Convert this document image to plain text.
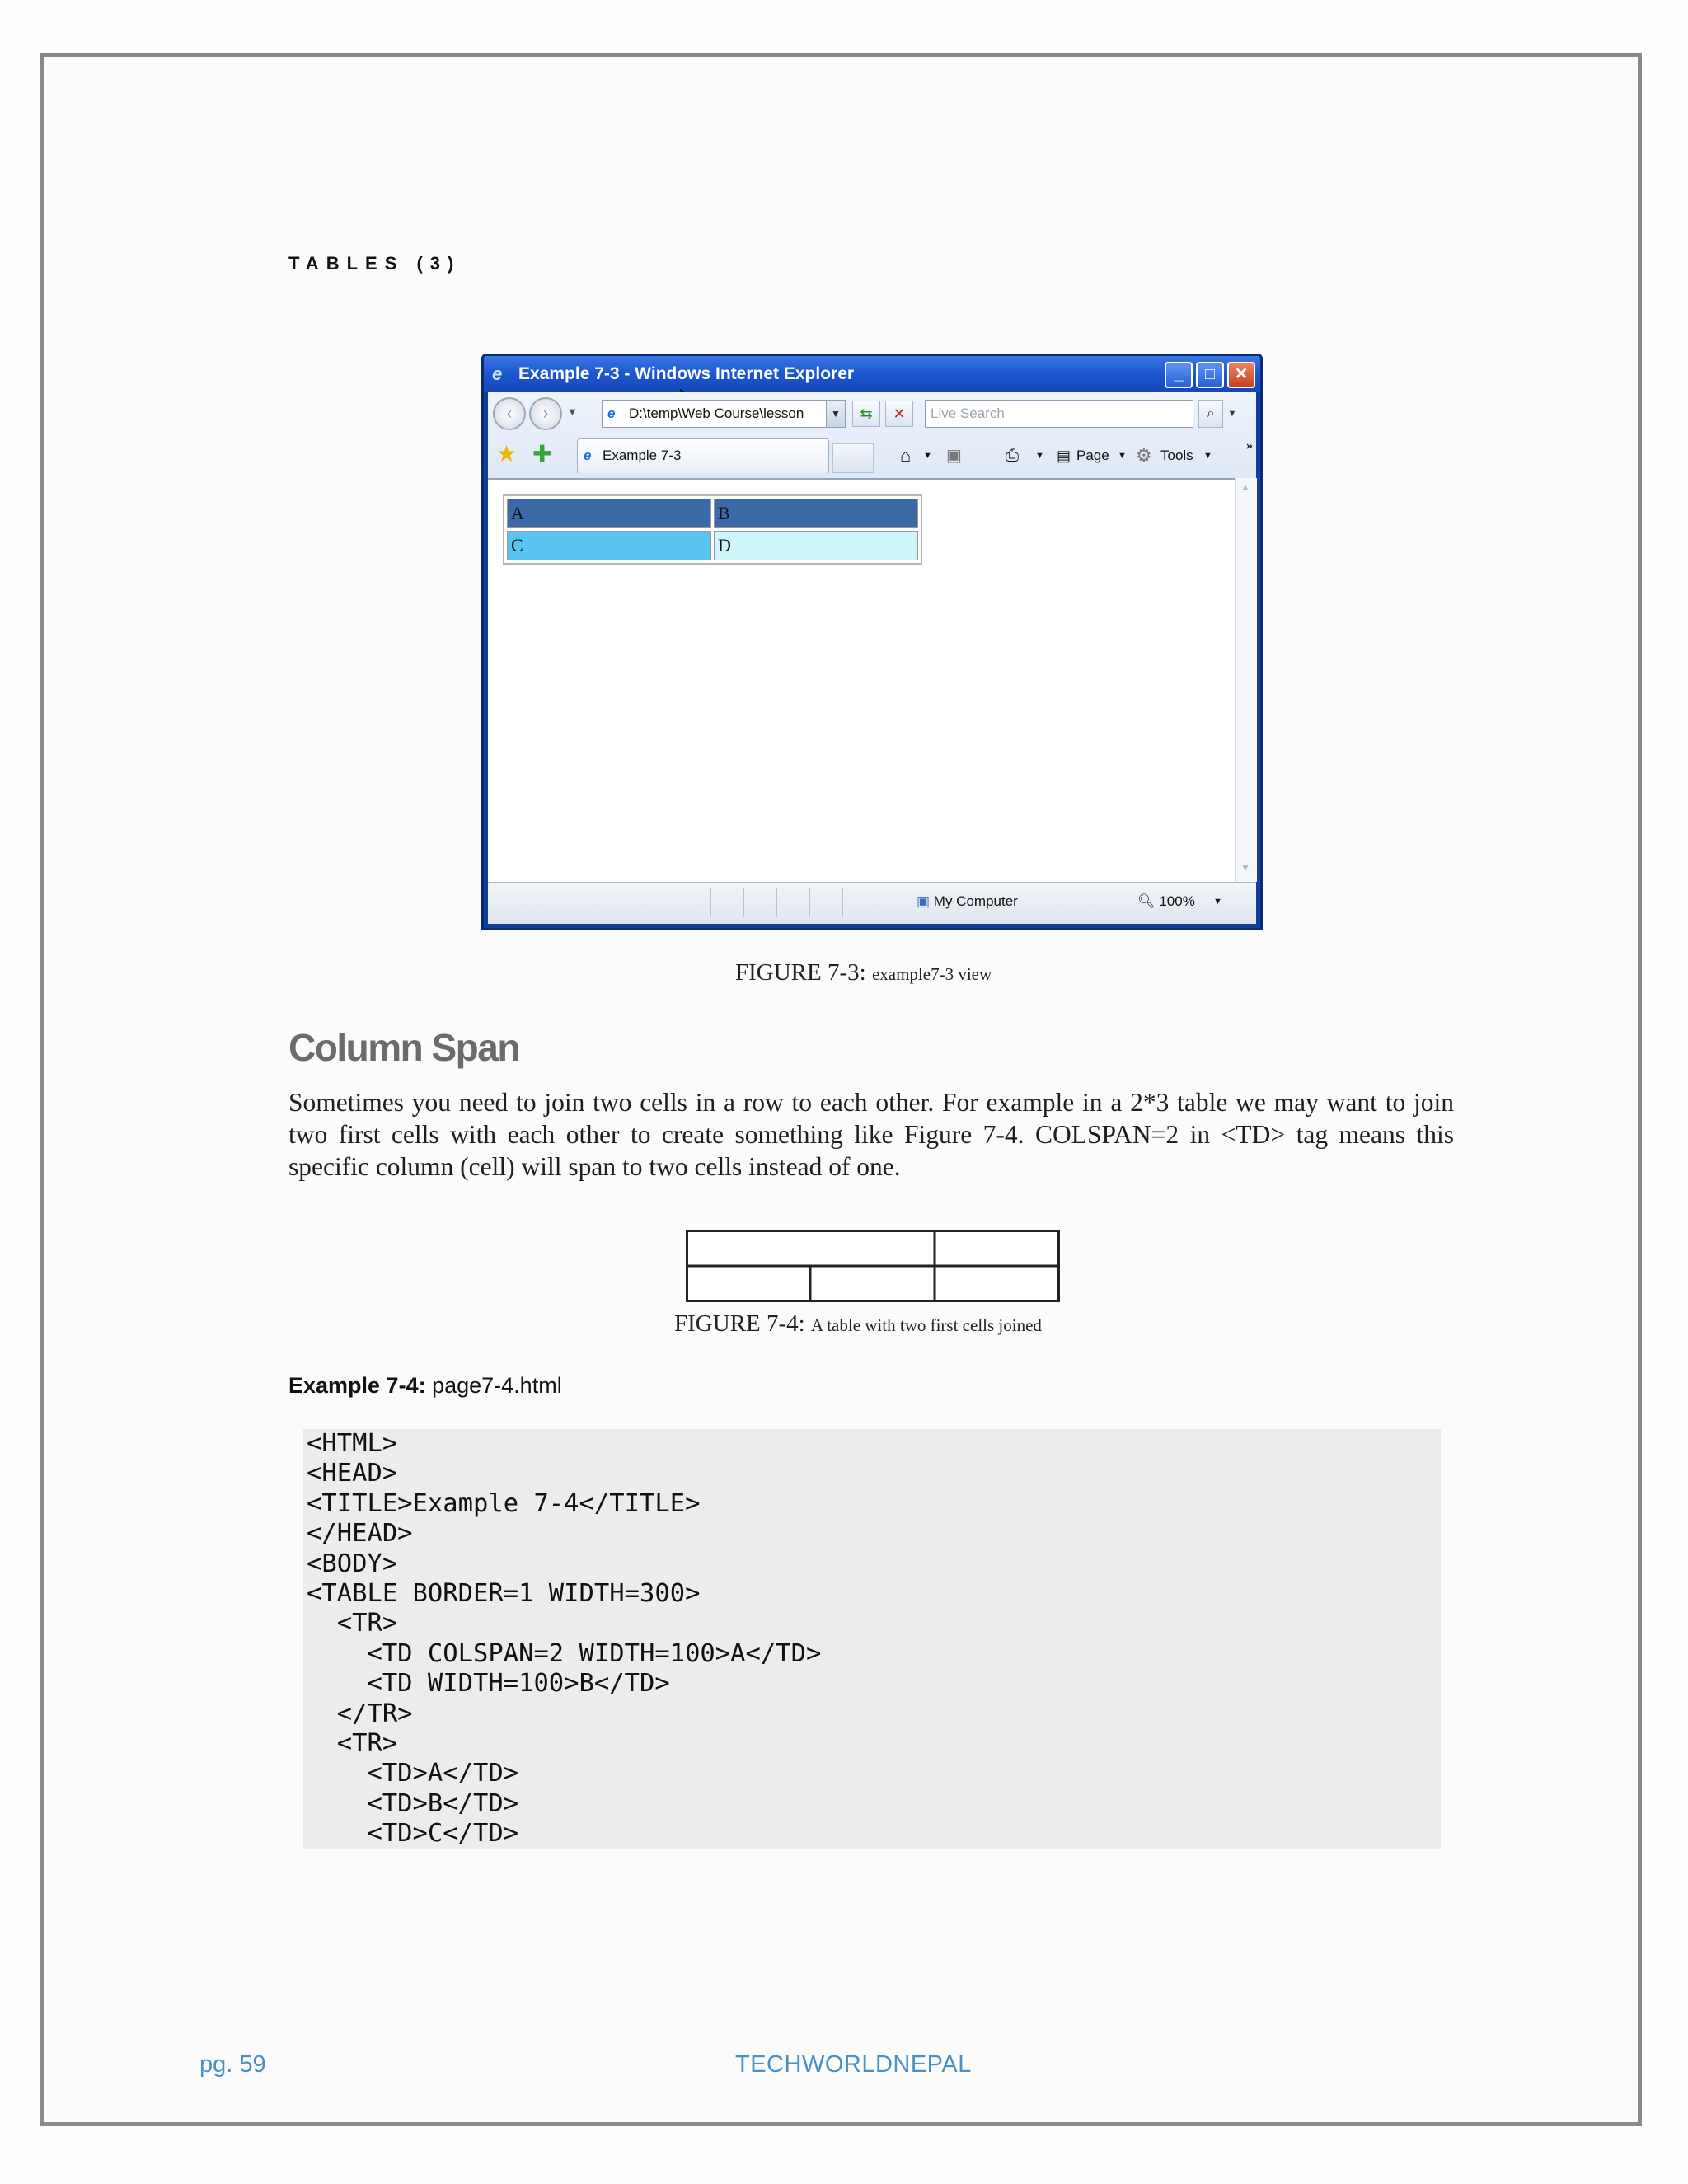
TABLES (3)
e Example 7-3 - Windows Internet Explorer	_	□	✕
‹	›	▼ e D:\temp\Web Course\lesson	▼	⇆	✕	Live Search	⌕	▼
★ ✚ e Example 7-3	⌂ ▼ ▣	⎙ ▼ ▤ Page ▼ ⚙ Tools ▼
»
A	B
C	D
▲
▼
▣ My Computer	🔍︎ 100% ▼
FIGURE 7-3: example7-3 view
Column Span
Sometimes you need to join two cells in a row to each other. For example in a 2*3 table we may want to join two first cells with each other to create something like Figure 7-4. COLSPAN=2 in <TD> tag means this specific column (cell) will span to two cells instead of one.
FIGURE 7-4: A table with two first cells joined
Example 7-4: page7-4.html
<HTML>
<HEAD>
<TITLE>Example 7-4</TITLE>
</HEAD>
<BODY>
<TABLE BORDER=1 WIDTH=300>
<TR>
<TD COLSPAN=2 WIDTH=100>A</TD>
<TD WIDTH=100>B</TD>
</TR>
<TR>
<TD>A</TD>
<TD>B</TD>
<TD>C</TD>
pg. 59	TECHWORLDNEPAL
